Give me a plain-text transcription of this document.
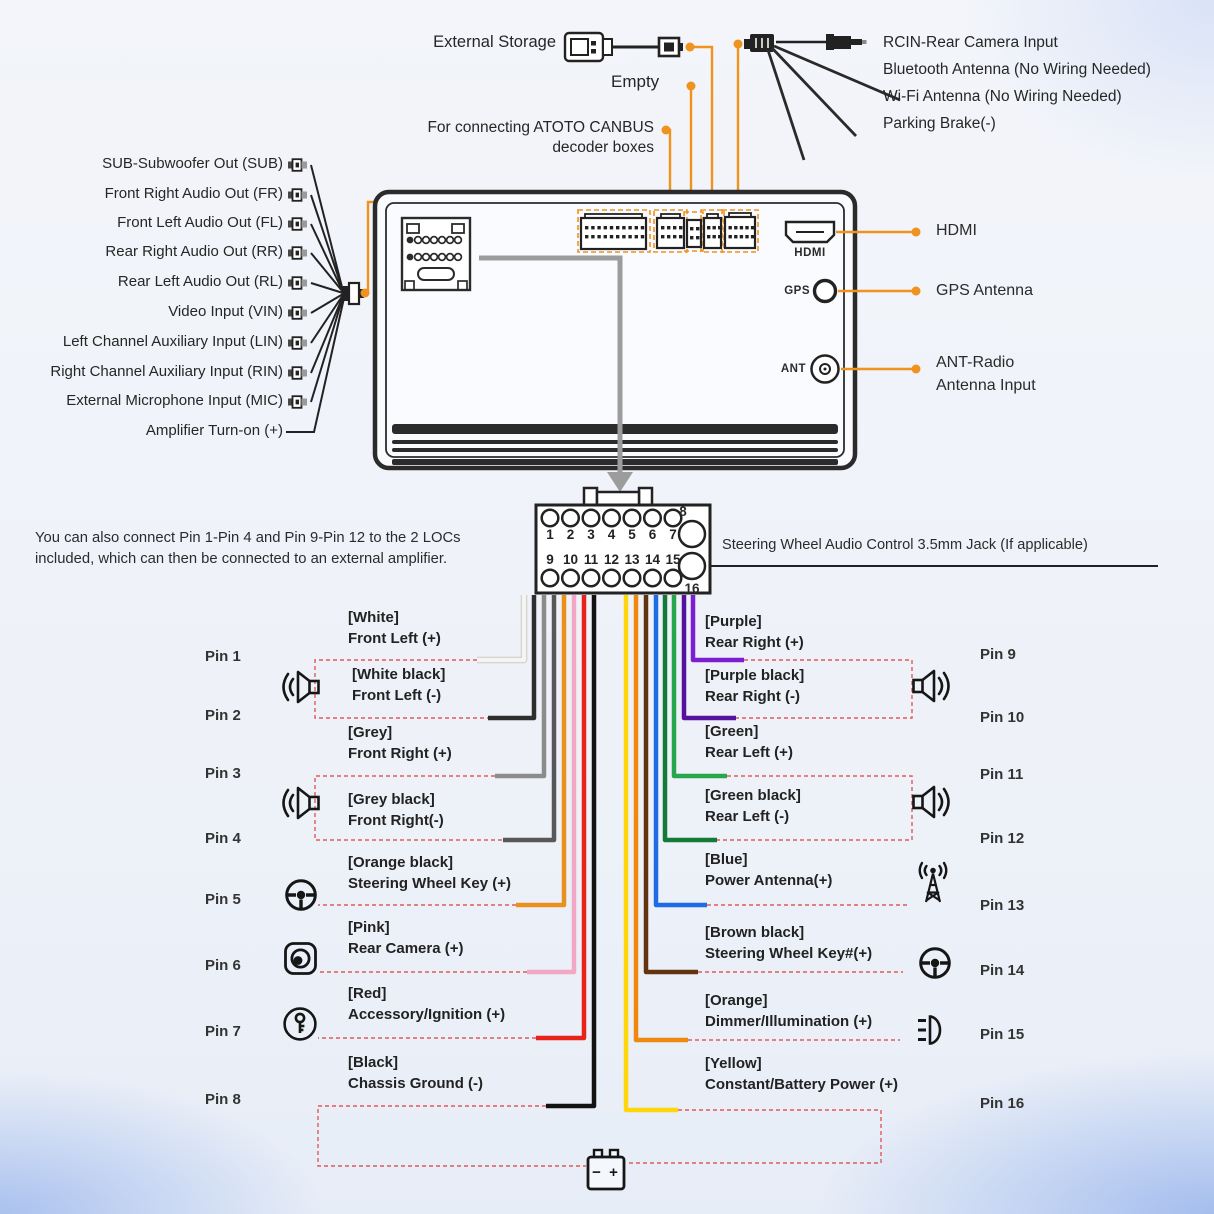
External Storage
Empty
For connecting ATOTO CANBUS
decoder boxes
RCIN-Rear Camera Input
Bluetooth Antenna (No Wiring Needed)
Wi-Fi Antenna (No Wiring Needed)
Parking Brake(-)
SUB-Subwoofer Out (SUB)
Front Right Audio Out (FR)
Front Left Audio Out (FL)
Rear Right Audio Out (RR)
Rear Left Audio Out (RL)
Video Input (VIN)
Left Channel Auxiliary Input (LIN)
Right Channel Auxiliary Input (RIN)
External Microphone Input (MIC)
Amplifier Turn-on (+)
HDMI
GPS
ANT
HDMI
GPS Antenna
ANT-Radio Antenna Input
You can also connect Pin 1-Pin 4 and Pin 9-Pin 12 to the 2 LOCs
included, which can then be connected to an external amplifier.
Steering Wheel Audio Control 3.5mm Jack (If applicable)
1 2 3 4 5 6 7
9 10 11 12 13 14 15
8
16
Pin 1
Pin 2
Pin 3
Pin 4
Pin 5
Pin 6
Pin 7
Pin 8
Pin 9
Pin 10
Pin 11
Pin 12
Pin 13
Pin 14
Pin 15
Pin 16
[White]
Front Left (+)
[White black]
Front Left (-)
[Grey]
Front Right (+)
[Grey black]
Front Right(-)
[Orange black]
Steering Wheel Key (+)
[Pink]
Rear Camera (+)
[Red]
Accessory/Ignition (+)
[Black]
Chassis Ground (-)
[Purple]
Rear Right (+)
[Purple black]
Rear Right (-)
[Green]
Rear Left (+)
[Green black]
Rear Left (-)
[Blue]
Power Antenna(+)
[Brown black]
Steering Wheel Key#(+)
[Orange]
Dimmer/Illumination (+)
[Yellow]
Constant/Battery Power (+)
− +
